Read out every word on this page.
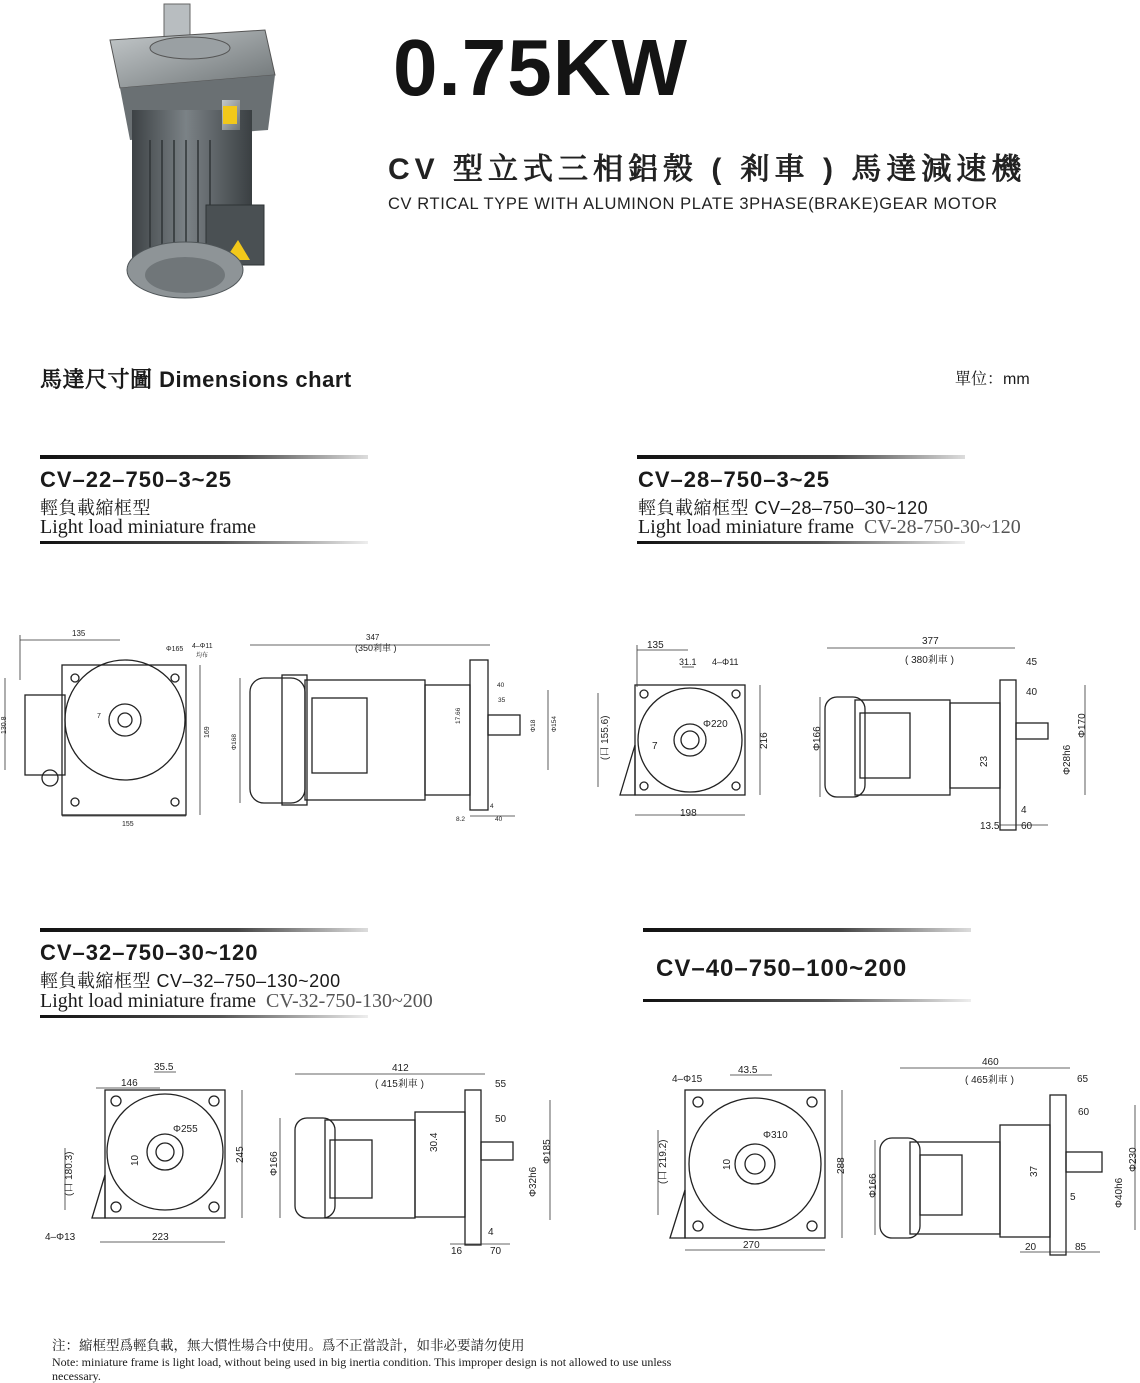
0.75KW
CV 型立式三相鋁殼 ( 剎車 ) 馬達減速機
CV RTICAL TYPE WITH ALUMINON PLATE 3PHASE(BRAKE)GEAR MOTOR
馬達尺寸圖 Dimensions chart	單位：mm
CV–22–750–3~25
輕負載縮框型
Light load miniature frame
CV–28–750–3~25
輕負載縮框型 CV–28–750–30~120
Light load miniature frame CV-28-750-30~120
CV–32–750–30~120
輕負載縮框型 CV–32–750–130~200
Light load miniature frame CV-32-750-130~200
CV–40–750–100~200
135
4–Φ11
均布
Φ165
130.8	169
7
155
347
(350剎車 )
40
35
17.66
Φ18 Φ154
Φ168
4
8.2	40
135
31.1 4–Φ11
Φ220
(口 155.6)	7	216
198
377
( 380剎車 )	45
40
Φ166
23
Φ170
Φ28h6
4
13.5 60
35.5
146
Φ255
10	245
(口 180.3)
4–Φ13	223
412
( 415剎車 )	55
50
Φ166
30.4	Φ185
Φ32h6
4
16	70
4–Φ15
43.5
Φ310
10	288
(口 219.2)
270
460
( 465剎車 )	65
60
Φ166
37
5
Φ230
Φ40h6
20	85
注：縮框型爲輕負載，無大慣性場合中使用。爲不正當設計，如非必要請勿使用
Note: miniature frame is light load, without being used in big inertia condition. This improper design is not allowed to use unless necessary.
